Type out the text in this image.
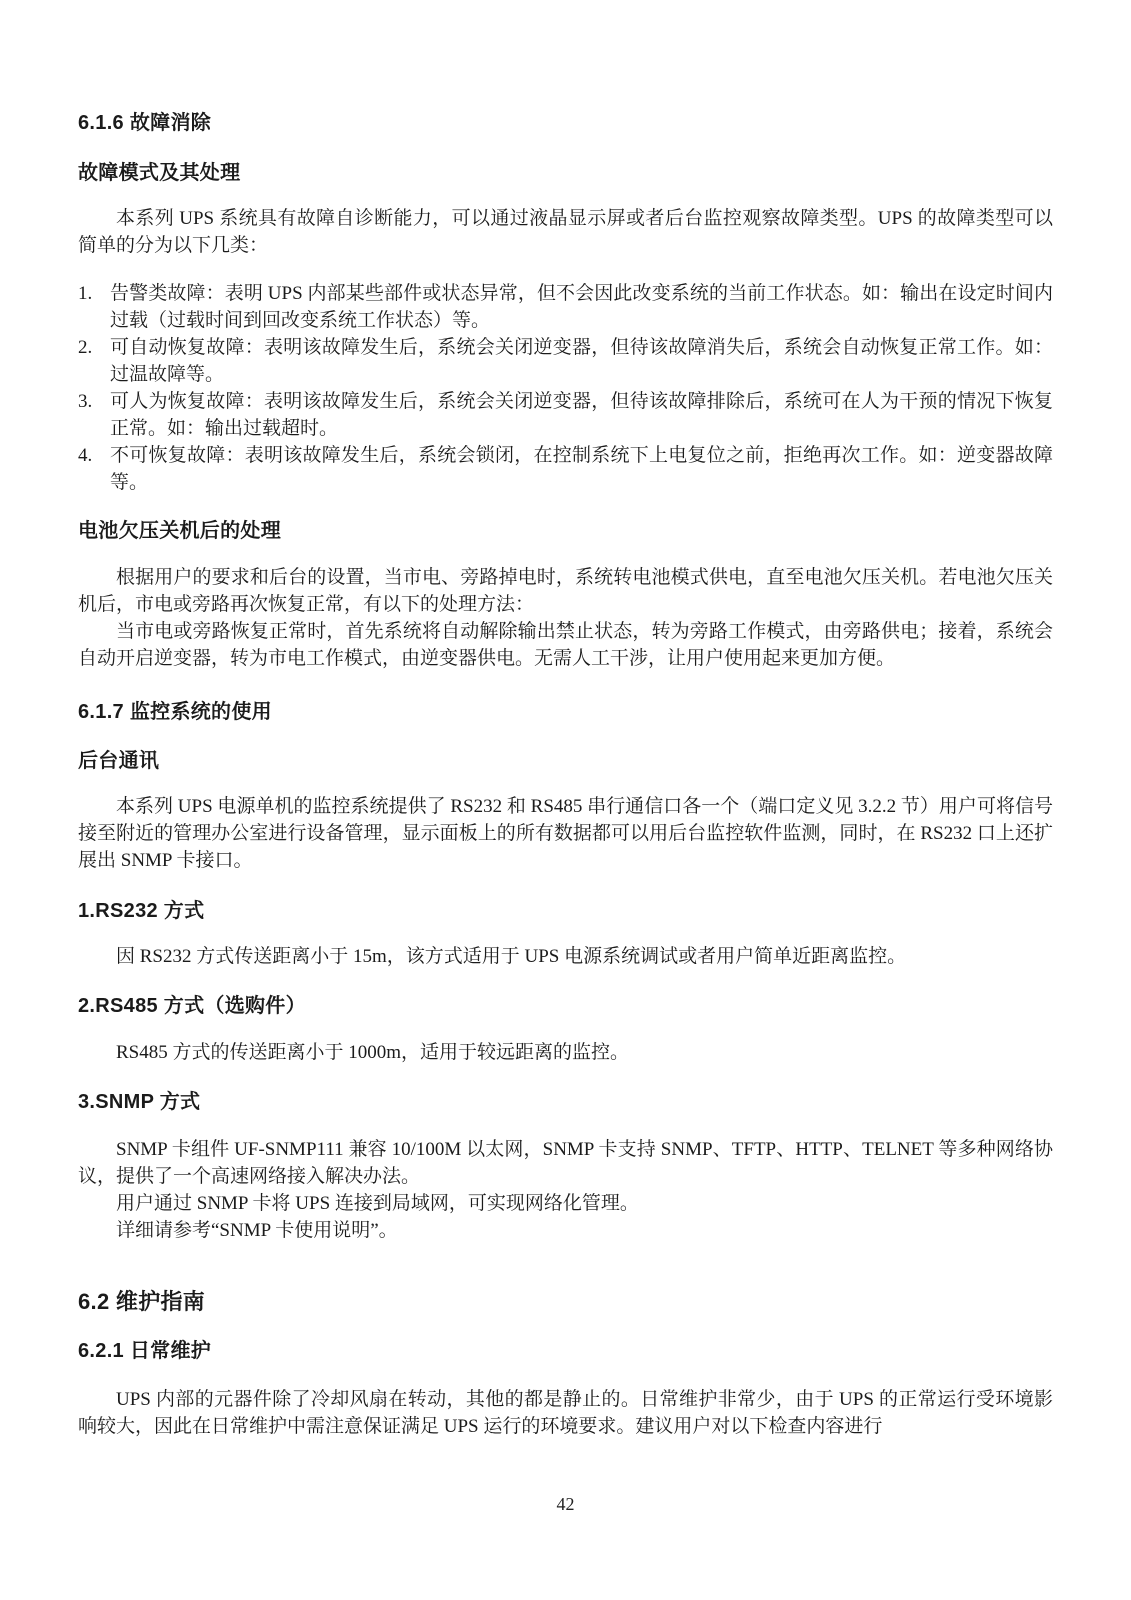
6.1.6 故障消除
故障模式及其处理

本系列 UPS 系统具有故障自诊断能力，可以通过液晶显示屏或者后台监控观察故障类型。UPS 的故障类型可以简单的分为以下几类：

1. 告警类故障：表明 UPS 内部某些部件或状态异常，但不会因此改变系统的当前工作状态。如：输出在设定时间内过载（过载时间到回改变系统工作状态）等。
2. 可自动恢复故障：表明该故障发生后，系统会关闭逆变器，但待该故障消失后，系统会自动恢复正常工作。如：过温故障等。
3. 可人为恢复故障：表明该故障发生后，系统会关闭逆变器，但待该故障排除后，系统可在人为干预的情况下恢复正常。如：输出过载超时。
4. 不可恢复故障：表明该故障发生后，系统会锁闭，在控制系统下上电复位之前，拒绝再次工作。如：逆变器故障等。
电池欠压关机后的处理

根据用户的要求和后台的设置，当市电、旁路掉电时，系统转电池模式供电，直至电池欠压关机。若电池欠压关机后，市电或旁路再次恢复正常，有以下的处理方法：

当市电或旁路恢复正常时，首先系统将自动解除输出禁止状态，转为旁路工作模式，由旁路供电；接着，系统会自动开启逆变器，转为市电工作模式，由逆变器供电。无需人工干涉，让用户使用起来更加方便。

6.1.7 监控系统的使用
后台通讯

本系列 UPS 电源单机的监控系统提供了 RS232 和 RS485 串行通信口各一个（端口定义见 3.2.2 节）用户可将信号接至附近的管理办公室进行设备管理，显示面板上的所有数据都可以用后台监控软件监测，同时，在 RS232 口上还扩展出 SNMP 卡接口。

1.RS232 方式

因 RS232 方式传送距离小于 15m，该方式适用于 UPS 电源系统调试或者用户简单近距离监控。

2.RS485 方式（选购件）

RS485 方式的传送距离小于 1000m，适用于较远距离的监控。

3.SNMP 方式

SNMP 卡组件 UF-SNMP111 兼容 10/100M 以太网，SNMP 卡支持 SNMP、TFTP、HTTP、TELNET 等多种网络协议，提供了一个高速网络接入解决办法。

用户通过 SNMP 卡将 UPS 连接到局域网，可实现网络化管理。

详细请参考“SNMP 卡使用说明”。

6.2 维护指南
6.2.1 日常维护

UPS 内部的元器件除了冷却风扇在转动，其他的都是静止的。日常维护非常少，由于 UPS 的正常运行受环境影响较大，因此在日常维护中需注意保证满足 UPS 运行的环境要求。建议用户对以下检查内容进行

42
